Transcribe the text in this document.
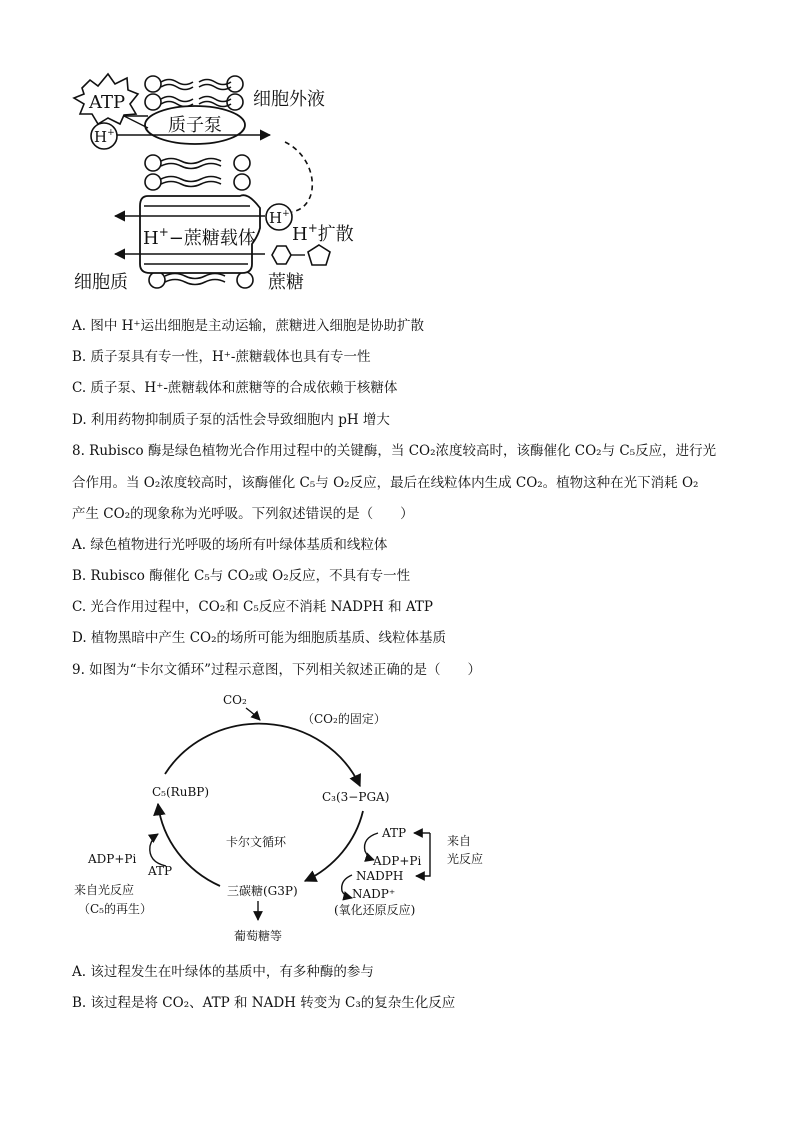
ATP
质子泵
H+
H+−蔗糖载体
H+
细胞外液
H+扩散
细胞质	蔗糖
A. 图中 H⁺运出细胞是主动运输，蔗糖进入细胞是协助扩散
B. 质子泵具有专一性，H⁺-蔗糖载体也具有专一性
C. 质子泵、H⁺-蔗糖载体和蔗糖等的合成依赖于核糖体
D. 利用药物抑制质子泵的活性会导致细胞内 pH 增大
8. Rubisco 酶是绿色植物光合作用过程中的关键酶，当 CO₂浓度较高时，该酶催化 CO₂与 C₅反应，进行光
合作用。当 O₂浓度较高时，该酶催化 C₅与 O₂反应，最后在线粒体内生成 CO₂。植物这种在光下消耗 O₂
产生 CO₂的现象称为光呼吸。下列叙述错误的是（　　）
A. 绿色植物进行光呼吸的场所有叶绿体基质和线粒体
B. Rubisco 酶催化 C₅与 CO₂或 O₂反应，不具有专一性
C. 光合作用过程中，CO₂和 C₅反应不消耗 NADPH 和 ATP
D. 植物黑暗中产生 CO₂的场所可能为细胞质基质、线粒体基质
9. 如图为“卡尔文循环”过程示意图，下列相关叙述正确的是（　　）
CO₂
（CO₂的固定）
C₅(RuBP)	C₃(3−PGA)
卡尔文循环
ATP
ADP+Pi
NADPH
NADP⁺
(氧化还原反应)
来自
光反应
ADP+Pi
ATP
来自光反应
（C₅的再生）
三碳糖(G3P)
葡萄糖等
A. 该过程发生在叶绿体的基质中，有多种酶的参与
B. 该过程是将 CO₂、ATP 和 NADH 转变为 C₃的复杂生化反应
